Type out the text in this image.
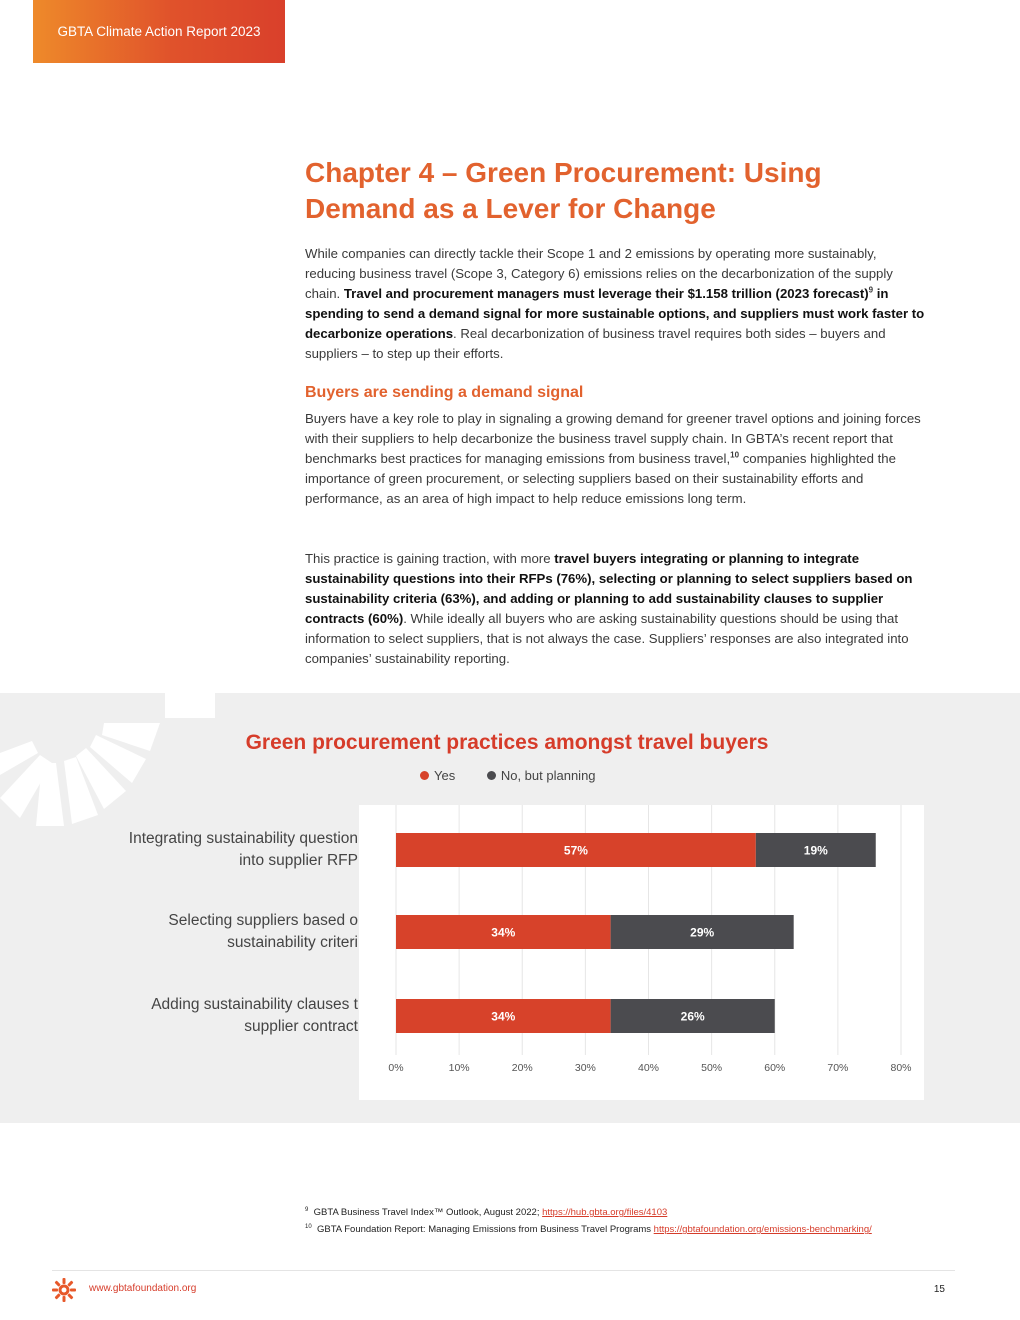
GBTA Climate Action Report 2023
Chapter 4 – Green Procurement: Using Demand as a Lever for Change

While companies can directly tackle their Scope 1 and 2 emissions by operating more sustainably, reducing business travel (Scope 3, Category 6) emissions relies on the decarbonization of the supply chain. Travel and procurement managers must leverage their $1.158 trillion (2023 forecast)$^9$ in spending to send a demand signal for more sustainable options, and suppliers must work faster to decarbonize operations. Real decarbonization of business travel requires both sides – buyers and suppliers – to step up their efforts.

Buyers are sending a demand signal

Buyers have a key role to play in signaling a growing demand for greener travel options and joining forces with their suppliers to help decarbonize the business travel supply chain. In GBTA’s recent report that benchmarks best practices for managing emissions from business travel,$^{10}$ companies highlighted the importance of green procurement, or selecting suppliers based on their sustainability efforts and performance, as an area of high impact to help reduce emissions long term.

This practice is gaining traction, with more travel buyers integrating or planning to integrate sustainability questions into their RFPs (76%), selecting or planning to select suppliers based on sustainability criteria (63%), and adding or planning to add sustainability clauses to supplier contracts (60%). While ideally all buyers who are asking sustainability questions should be using that information to select suppliers, that is not always the case. Suppliers’ responses are also integrated into companies’ sustainability reporting.

Green procurement practices amongst travel buyers
Yes
	No, but planning
Integrating sustainability question
into supplier RFP
Selecting suppliers based o
sustainability criteri
Adding sustainability clauses t
supplier contract
0%	10%	20%	30%	40%	50%	60%	70%	80%
57%	19%
34%	29%
34%	26%
$^9$ GBTA Business Travel Index™ Outlook, August 2022; https://hub.gbta.org/files/4103
$^{10}$ GBTA Foundation Report: Managing Emissions from Business Travel Programs https://gbtafoundation.org/emissions-benchmarking/
www.gbtafoundation.org	15
